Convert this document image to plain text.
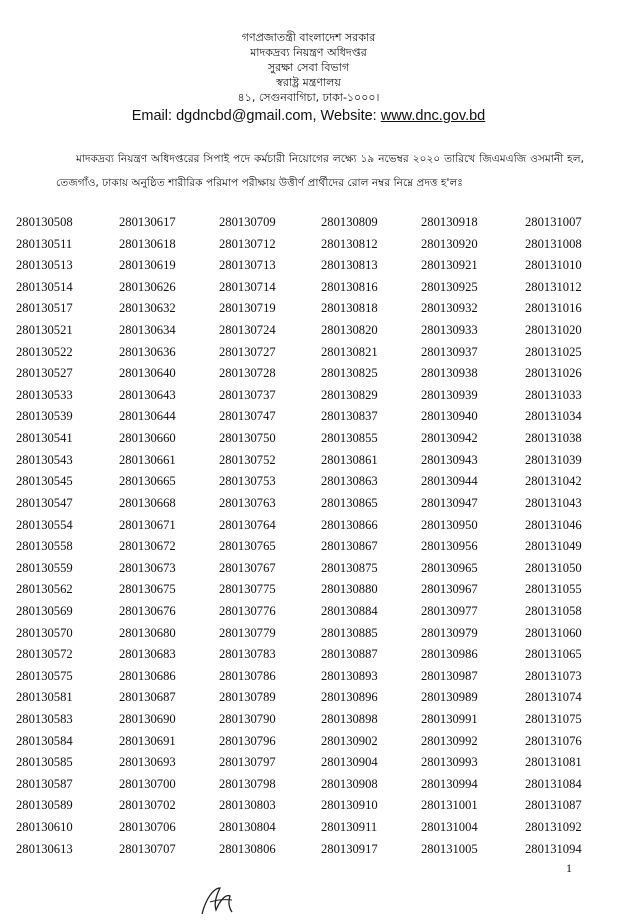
গণপ্রজাতন্ত্রী বাংলাদেশ সরকার
মাদকদ্রব্য নিয়ন্ত্রণ অধিদপ্তর
সুরক্ষা সেবা বিভাগ
স্বরাষ্ট্র মন্ত্রণালয়
৪১, সেগুনবাগিচা, ঢাকা-১০০০।
Email: dgdncbd@gmail.com, Website: www.dnc.gov.bd
মাদকদ্রব্য নিয়ন্ত্রণ অধিদপ্তরের সিপাই পদে কর্মচারী নিয়োগের লক্ষ্যে ১৯ নভেম্বর ২০২০ তারিখে জিএমএজি ওসমানী হল, তেজগাঁও, ঢাকায় অনুষ্ঠিত শারীরিক পরিমাপ পরীক্ষায় উত্তীর্ণ প্রার্থীদের রোল নম্বর নিম্নে প্রদত্ত হ'লঃ
280130508	280130617	280130709	280130809	280130918	280131007
280130511	280130618	280130712	280130812	280130920	280131008
280130513	280130619	280130713	280130813	280130921	280131010
280130514	280130626	280130714	280130816	280130925	280131012
280130517	280130632	280130719	280130818	280130932	280131016
280130521	280130634	280130724	280130820	280130933	280131020
280130522	280130636	280130727	280130821	280130937	280131025
280130527	280130640	280130728	280130825	280130938	280131026
280130533	280130643	280130737	280130829	280130939	280131033
280130539	280130644	280130747	280130837	280130940	280131034
280130541	280130660	280130750	280130855	280130942	280131038
280130543	280130661	280130752	280130861	280130943	280131039
280130545	280130665	280130753	280130863	280130944	280131042
280130547	280130668	280130763	280130865	280130947	280131043
280130554	280130671	280130764	280130866	280130950	280131046
280130558	280130672	280130765	280130867	280130956	280131049
280130559	280130673	280130767	280130875	280130965	280131050
280130562	280130675	280130775	280130880	280130967	280131055
280130569	280130676	280130776	280130884	280130977	280131058
280130570	280130680	280130779	280130885	280130979	280131060
280130572	280130683	280130783	280130887	280130986	280131065
280130575	280130686	280130786	280130893	280130987	280131073
280130581	280130687	280130789	280130896	280130989	280131074
280130583	280130690	280130790	280130898	280130991	280131075
280130584	280130691	280130796	280130902	280130992	280131076
280130585	280130693	280130797	280130904	280130993	280131081
280130587	280130700	280130798	280130908	280130994	280131084
280130589	280130702	280130803	280130910	280131001	280131087
280130610	280130706	280130804	280130911	280131004	280131092
280130613	280130707	280130806	280130917	280131005	280131094
1
